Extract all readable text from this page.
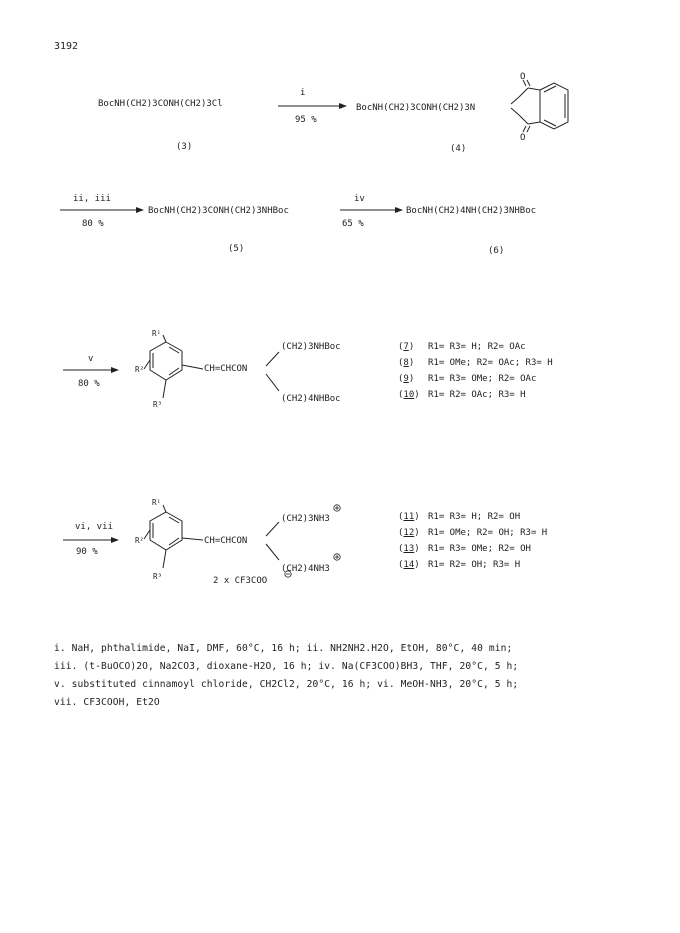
3192
BocNH(CH2)3CONH(CH2)3Cl
(3)
i
95 %
BocNH(CH2)3CONH(CH2)3N
(4)
ii, iii
80 %
BocNH(CH2)3CONH(CH2)3NHBoc
(5)
iv
65 %
BocNH(CH2)4NH(CH2)3NHBoc
(6)
v
80 %
CH=CHCON
(CH2)3NHBoc
(CH2)4NHBoc
R¹
R²
R³
(7) R1= R3= H; R2= OAc
(8) R1= OMe; R2= OAc; R3= H
(9) R1= R3= OMe; R2= OAc
(10) R1= R2= OAc; R3= H
vi, vii
90 %
CH=CHCON
(CH2)3NH3
(CH2)4NH3
2 x CF3COO
R¹
R²
R³
(11) R1= R3= H; R2= OH
(12) R1= OMe; R2= OH; R3= H
(13) R1= R3= OMe; R2= OH
(14) R1= R2= OH; R3= H
i. NaH, phthalimide, NaI, DMF, 60°C, 16 h; ii. NH2NH2.H2O, EtOH, 80°C, 40 min;
iii. (t-BuOCO)2O, Na2CO3, dioxane-H2O, 16 h; iv. Na(CF3COO)BH3, THF, 20°C, 5 h;
v. substituted cinnamoyl chloride, CH2Cl2, 20°C, 16 h; vi. MeOH-NH3, 20°C, 5 h;
vii. CF3COOH, Et2O
O
O
